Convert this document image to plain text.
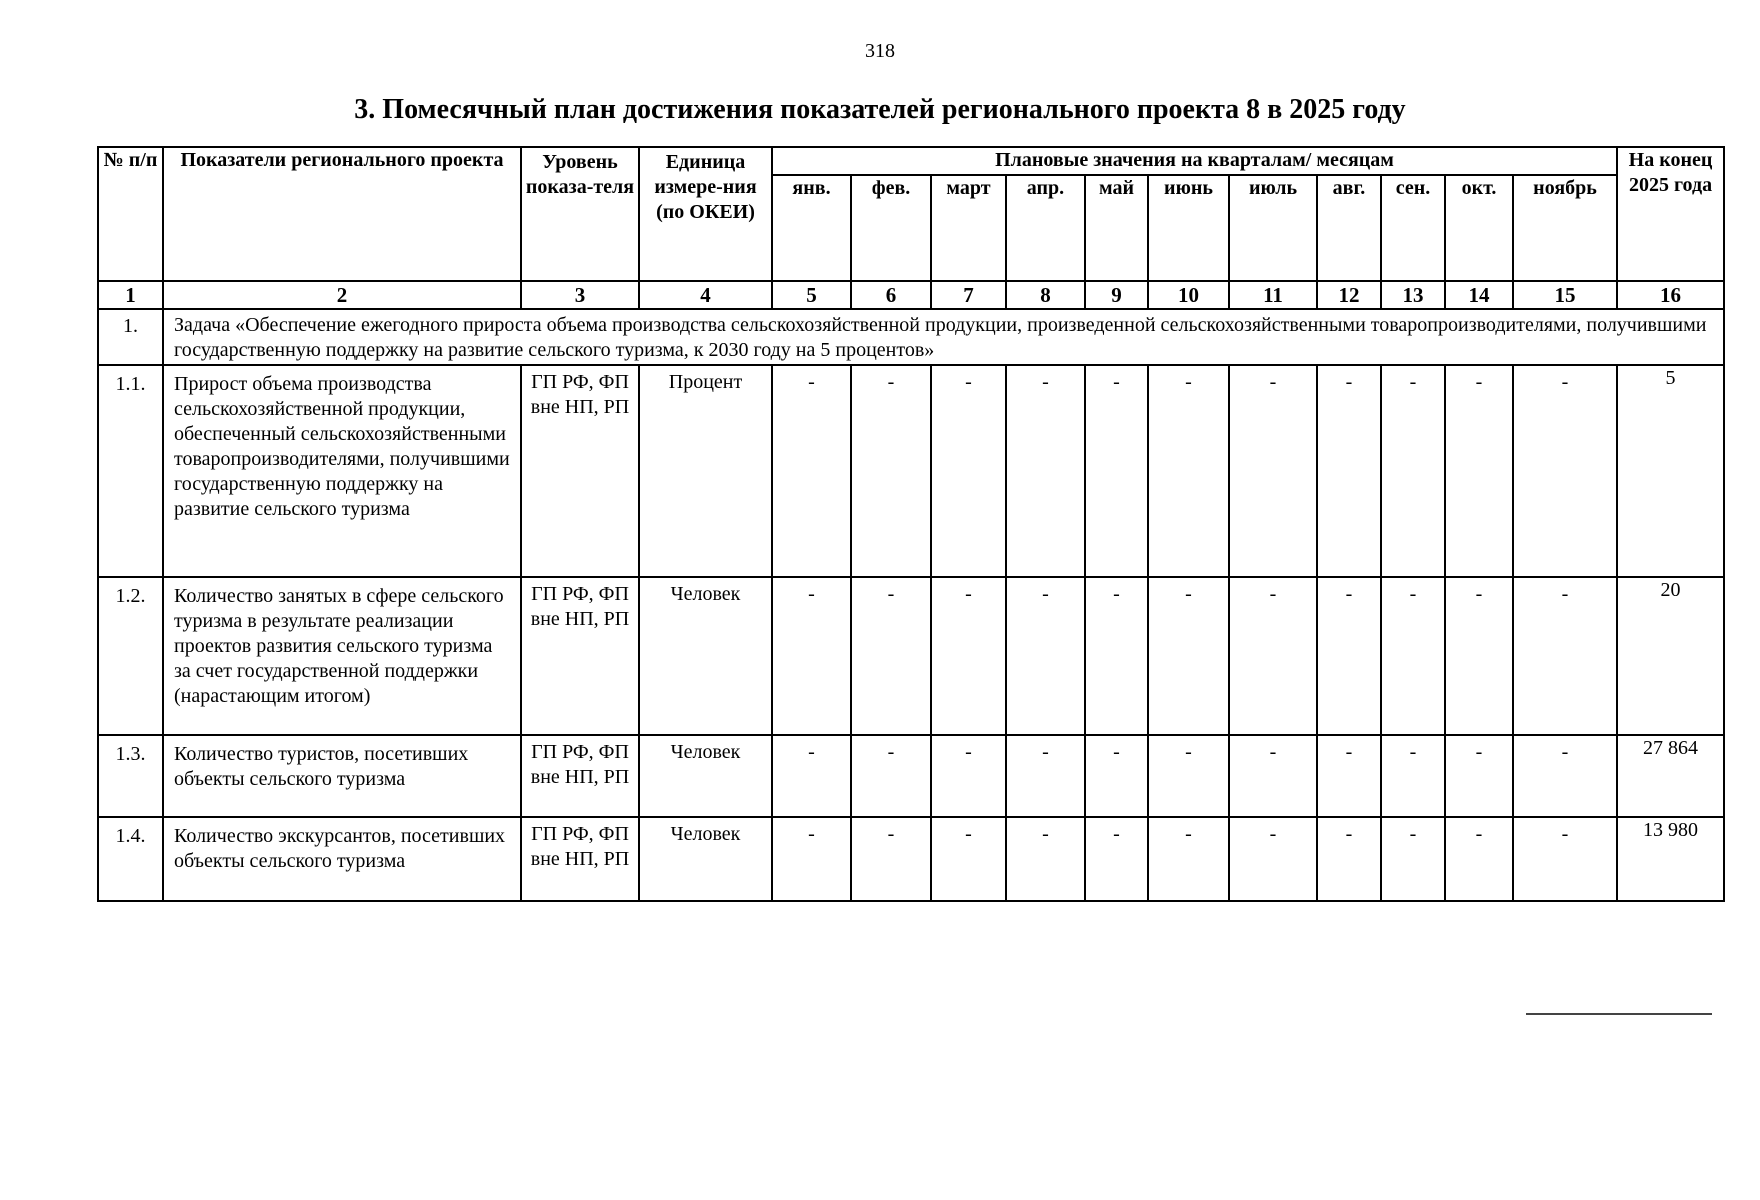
318
3. Помесячный план достижения показателей регионального проекта 8 в 2025 году
№ п/п	Показатели регионального проекта	Уровень показа-теля	Единица измере-ния (по ОКЕИ)	Плановые значения на кварталам/ месяцам											На конец 2025 года
				янв.	фев.	март	апр.	май	июнь	июль	авг.	сен.	окт.	ноябрь	
1	2	3	4	5	6	7	8	9	10	11	12	13	14	15	16
1.	Задача «Обеспечение ежегодного прироста объема производства сельскохозяйственной продукции, произведенной сельскохозяйственными товаропроизводителями, получившими государственную поддержку на развитие сельского туризма, к 2030 году на 5 процентов»														
1.1.	Прирост объема производства сельскохозяйственной продукции, обеспеченный сельскохозяйственными товаропроизводителями, получившими государственную поддержку на развитие сельского туризма	ГП РФ, ФП вне НП, РП	Процент	-	-	-	-	-	-	-	-	-	-	-	5
1.2.	Количество занятых в сфере сельского туризма в результате реализации проектов развития сельского туризма за счет государственной поддержки (нарастающим итогом)	ГП РФ, ФП вне НП, РП	Человек	-	-	-	-	-	-	-	-	-	-	-	20
1.3.	Количество туристов, посетивших объекты сельского туризма	ГП РФ, ФП вне НП, РП	Человек	-	-	-	-	-	-	-	-	-	-	-	27 864
1.4.	Количество экскурсантов, посетивших объекты сельского туризма	ГП РФ, ФП вне НП, РП	Человек	-	-	-	-	-	-	-	-	-	-	-	13 980
